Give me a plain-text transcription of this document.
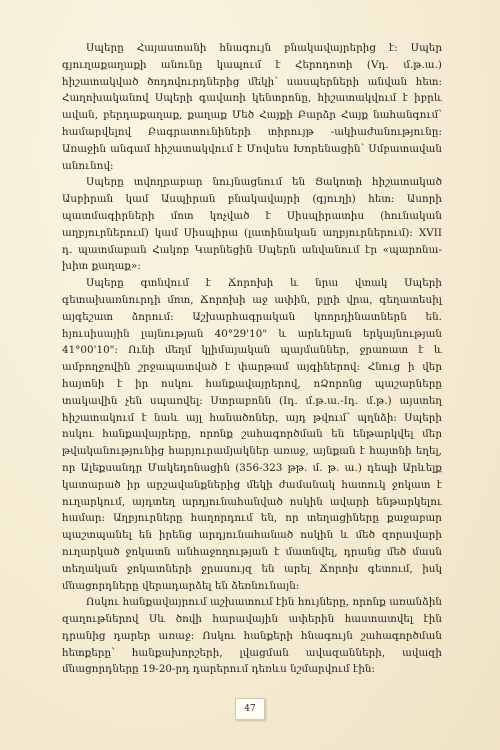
Սպերը Հայաստանի հնագույն բնակավայրերից է: Սպեր գյուղաքաղաքի անունը կապում է Հերոդոտի (Vդ. մ.թ.ա.) հիշատակված ծոդովուրդներից մեկի՝ սասպերների անվան հետ: Հաղոխականով Սպերի գավառի կենտրոնը, հիշատակվում է իբրև ավան, բերդաքաղաք, քաղաք Մեծ Հայքի Բարձր Հայք նահանգում՝ համարվելով Բագրատունիների տիրույթ -ակիաժանությունը: Առաջին անգամ հիշատակվում է Մովսես Խորենացին՝ Սմբատավան անունով:

Սպերը տվողրաբար նույնացնում են Ցակոտի հիշատակած Ասբիրան կամ Ասպիրան բնակավայրի (գյուղի) հետ: Ասորի պատմագիրների մոտ կոչված է Սիսպիրատիս (հունական աղբյուրներում) կամ Սիսպիրա (լատինական աղբյուրներում): XVII դ. պատմաբան Հակոբ Կարնեցին Սպերն անվանում էր «պարոնա-խիտ քաղաք»:

Սպերը գտնվում է Ճորոխի և նրա վտակ Սպերի գետախառնուրդի մոտ, Ճորոխի աջ ափին, բլրի վրա, գեղատեսիլ այգեշատ ձորում: Աշխարհագրական կոորդինատներն են. հյուսիսային լայնության 40°29'10" և արևելյան երկայնության 41°00'10": Ունի մեղմ կլիմայական պայմաններ, ջրառատ է և ամբողջովին շրջապատված է փարթամ այգիներով: Հնուց ի վեր հայտնի է իր ոսկու հանքավայրերով, ոՁորոնց պաշարները տակավին չեն սպառվել: Ստրաբոնն (Iդ. մ.թ.ա.-Iդ. մ.թ.) այստեղ հիշատակում է նաև այլ հանածոներ, այդ թվում՝ պղնձի: Սպերի ոսկու հանքավայրերը, որոնք շահագործման են ենթարկվել մեր թվականությունից հարյուրամյակներ առաջ, այնքան է հայտնի եղել, որ Ալեքսանդր Մակեդոնացին (356-323 թթ. մ. թ. ա.) դեպի Արևելք կատարած իր արշավանքներից մեկի ժամանակ հատուկ ջոկատ է ուղարկում, այդտեղ արդյունահանված ոսկին ավարի ենթարկելու համար: Աղբյուրները հաղորդում են, որ տեղացիները քաջաբար պաշտպանել են իրենց արդյունահանած ոսկին և մեծ զորավարի ուղարկած ջոկատն անհաջողության է մատնվել, դրանց մեծ մասն տեղական ջոկատների ջրասույզ են արել Ճորոխ գետում, իսկ մնացորդները վերադարձել են ձեռնունայն:

Ոսկու հանքավայրում աշխատում էին հույները, որոնք առանձին զաղութներով Սև ծովի հարավային ափերին հաստատվել էին դրանից դարեր առաջ: Ոսկու հանքերի հնագույն շահագործման հետքերը՝ հանքախորշերի, լվացման ավազանների, ավազի մնացորդները 19-20-րդ դարերում դեռևս նշմարվում էին:

47
